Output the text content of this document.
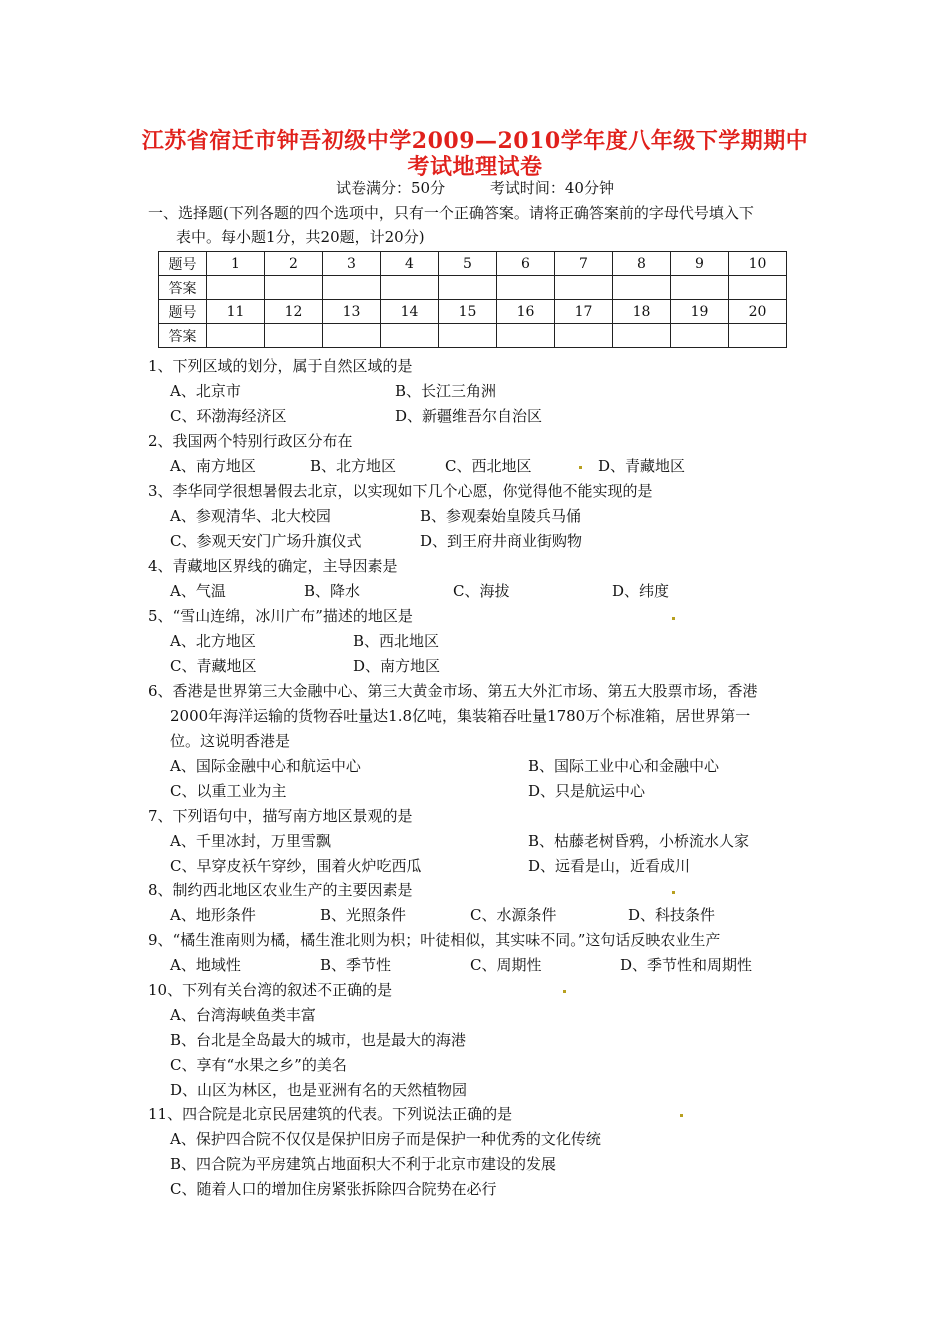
江苏省宿迁市钟吾初级中学2009—2010学年度八年级下学期期中
考试地理试卷
试卷满分：50分	考试时间：40分钟
一、选择题(下列各题的四个选项中，只有一个正确答案。请将正确答案前的字母代号填入下
表中。每小题1分，共20题，计20分)
题号	1	2	3	4	5	6	7	8	9	10
答案										
题号	11	12	13	14	15	16	17	18	19	20
答案										
1、下列区域的划分，属于自然区域的是
A、北京市	B、长江三角洲
C、环渤海经济区	D、新疆维吾尔自治区
2、我国两个特别行政区分布在
A、南方地区	B、北方地区	C、西北地区	D、青藏地区
3、李华同学很想暑假去北京，以实现如下几个心愿，你觉得他不能实现的是
A、参观清华、北大校园	B、参观秦始皇陵兵马俑
C、参观天安门广场升旗仪式	D、到王府井商业街购物
4、青藏地区界线的确定，主导因素是
A、气温	B、降水	C、海拔	D、纬度
5、“雪山连绵，冰川广布”描述的地区是
A、北方地区	B、西北地区
C、青藏地区	D、南方地区
6、香港是世界第三大金融中心、第三大黄金市场、第五大外汇市场、第五大股票市场，香港
2000年海洋运输的货物吞吐量达1.8亿吨，集装箱吞吐量1780万个标准箱，居世界第一
位。这说明香港是
A、国际金融中心和航运中心	B、国际工业中心和金融中心
C、以重工业为主	D、只是航运中心
7、下列语句中，描写南方地区景观的是
A、千里冰封，万里雪飘	B、枯藤老树昏鸦，小桥流水人家
C、早穿皮袄午穿纱，围着火炉吃西瓜	D、远看是山，近看成川
8、制约西北地区农业生产的主要因素是
A、地形条件	B、光照条件	C、水源条件	D、科技条件
9、“橘生淮南则为橘，橘生淮北则为枳；叶徒相似，其实味不同。”这句话反映农业生产
A、地域性	B、季节性	C、周期性	D、季节性和周期性
10、下列有关台湾的叙述不正确的是
A、台湾海峡鱼类丰富
B、台北是全岛最大的城市，也是最大的海港
C、享有“水果之乡”的美名
D、山区为林区，也是亚洲有名的天然植物园
11、四合院是北京民居建筑的代表。下列说法正确的是
A、保护四合院不仅仅是保护旧房子而是保护一种优秀的文化传统
B、四合院为平房建筑占地面积大不利于北京市建设的发展
C、随着人口的增加住房紧张拆除四合院势在必行
